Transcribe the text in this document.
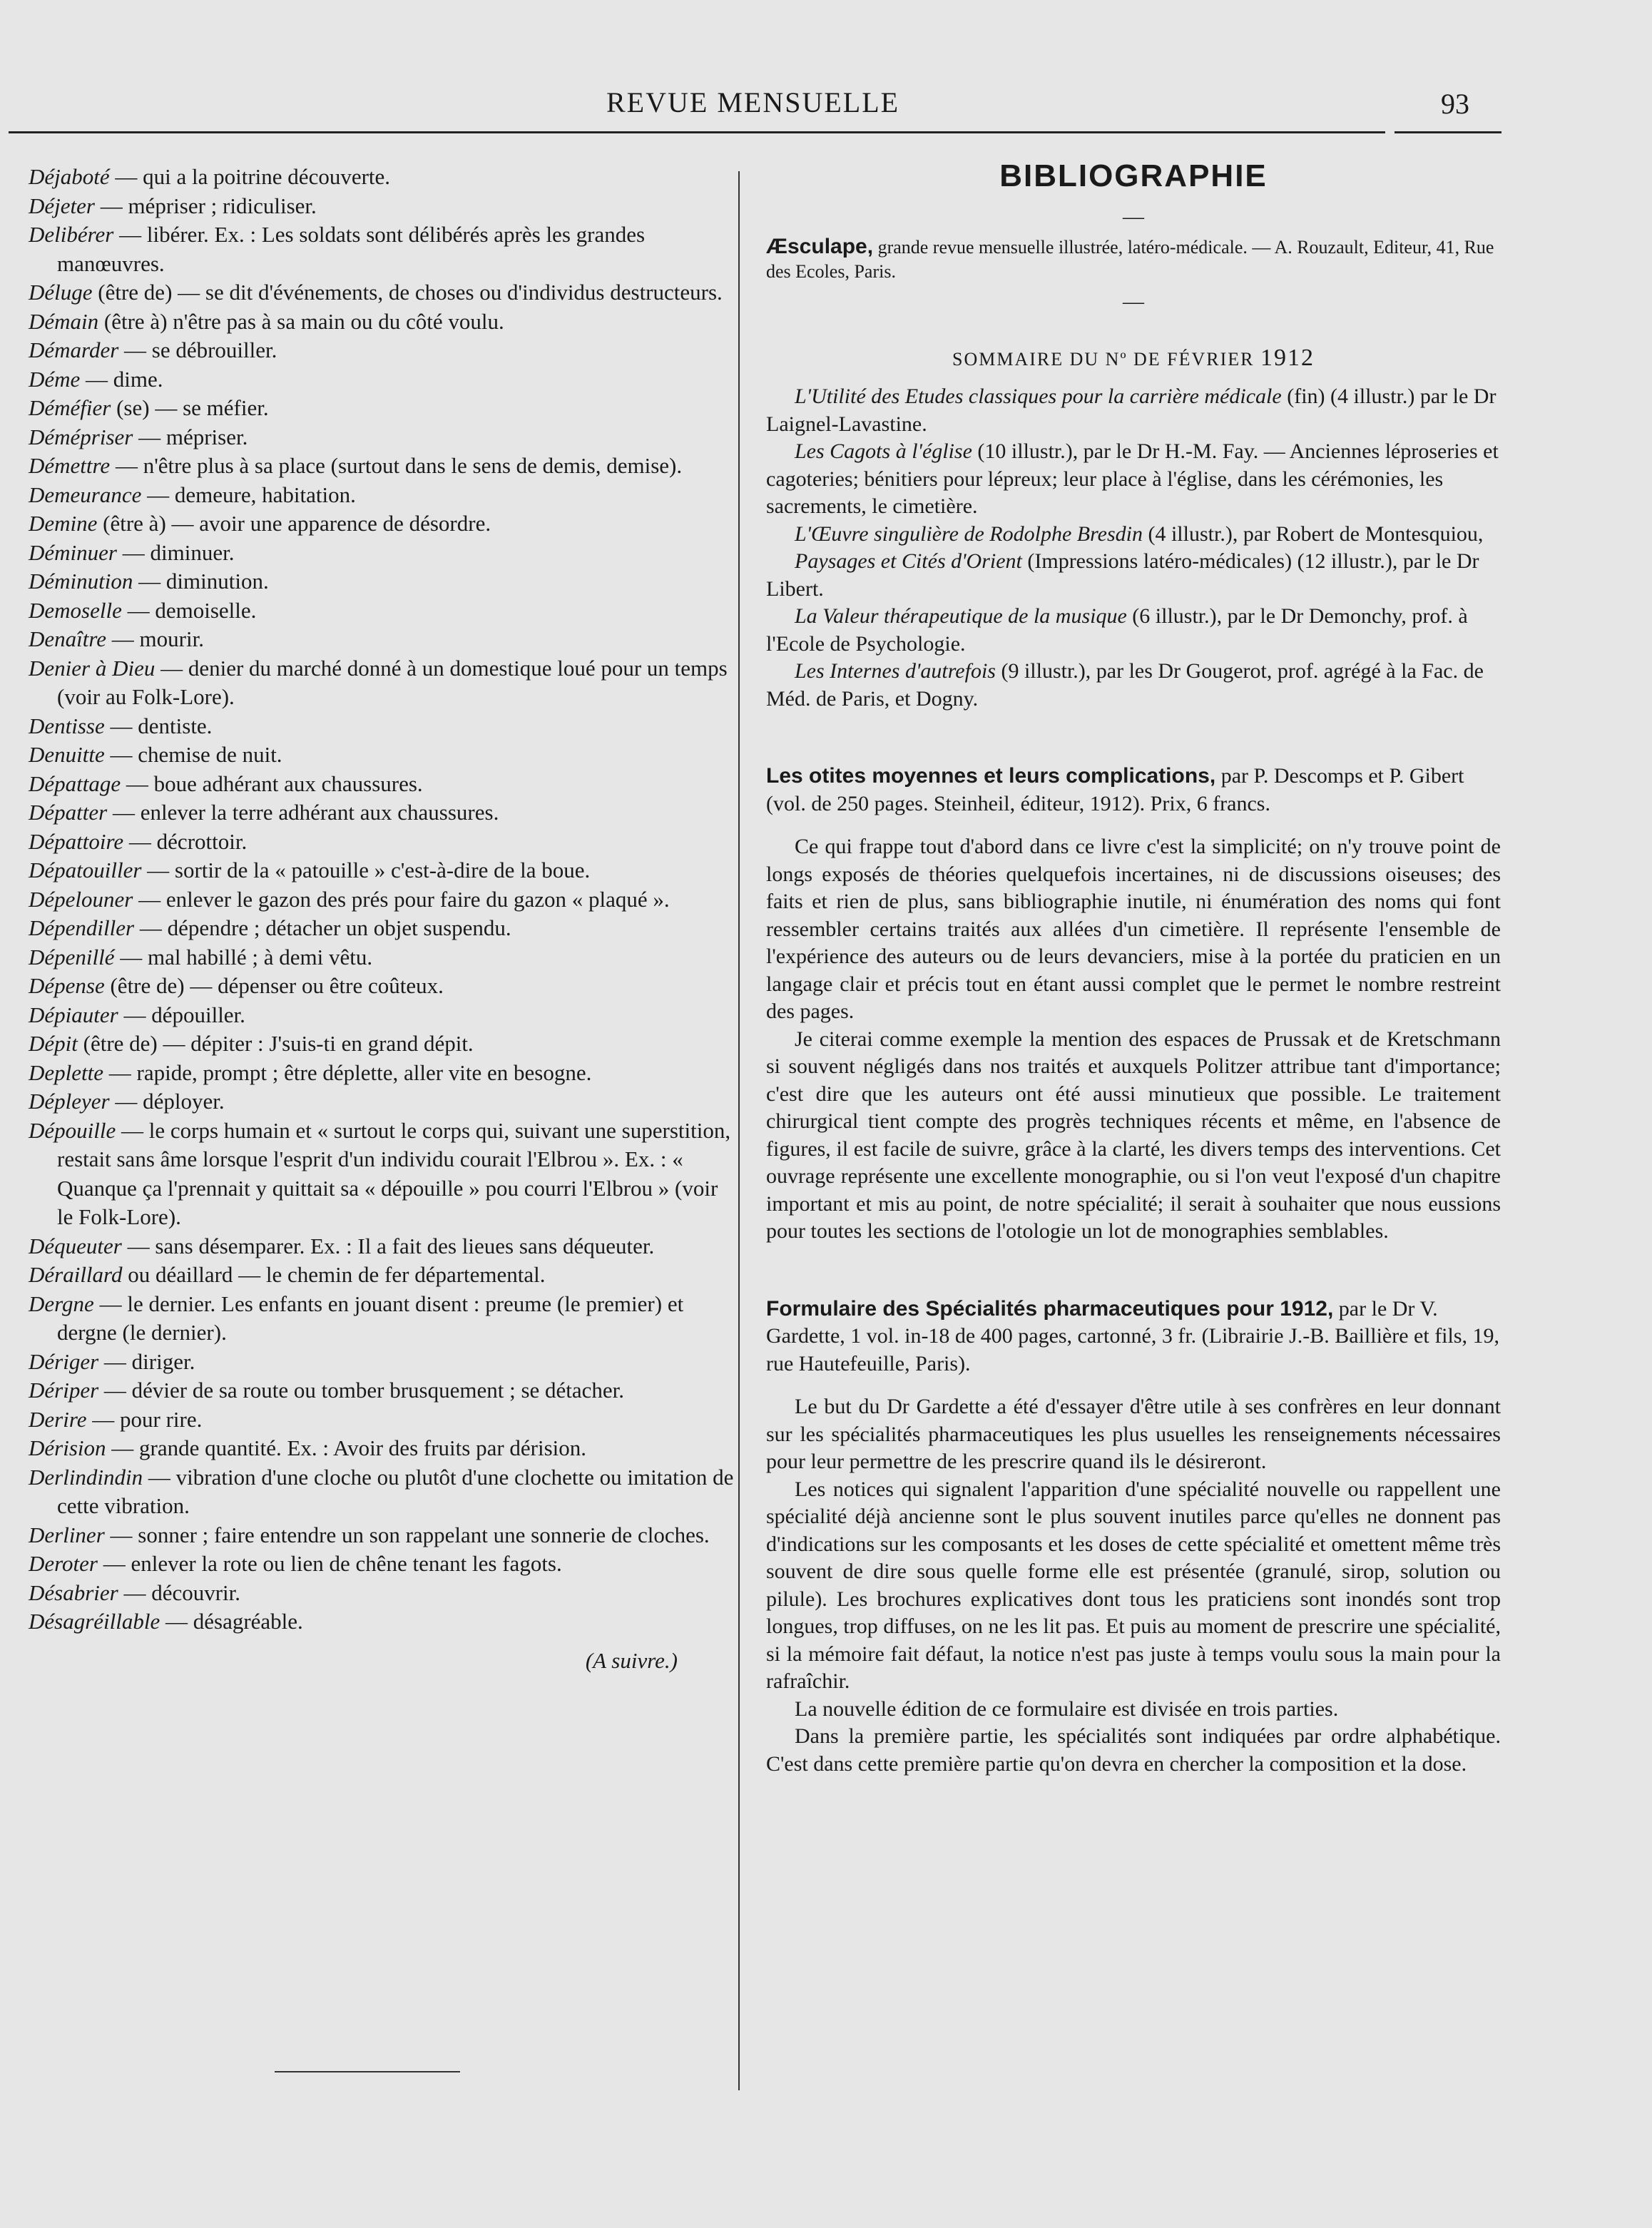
REVUE MENSUELLE	93

Déjaboté — qui a la poitrine découverte.

Déjeter — mépriser ; ridiculiser.

Delibérer — libérer. Ex. : Les soldats sont délibérés après les grandes manœuvres.

Déluge (être de) — se dit d'événements, de choses ou d'individus destructeurs.

Démain (être à) n'être pas à sa main ou du côté voulu.

Démarder — se débrouiller.

Déme — dime.

Déméfier (se) — se méfier.

Démépriser — mépriser.

Démettre — n'être plus à sa place (surtout dans le sens de demis, demise).

Demeurance — demeure, habitation.

Demine (être à) — avoir une apparence de désordre.

Déminuer — diminuer.

Déminution — diminution.

Demoselle — demoiselle.

Denaître — mourir.

Denier à Dieu — denier du marché donné à un domestique loué pour un temps (voir au Folk-Lore).

Dentisse — dentiste.

Denuitte — chemise de nuit.

Dépattage — boue adhérant aux chaussures.

Dépatter — enlever la terre adhérant aux chaussures.

Dépattoire — décrottoir.

Dépatouiller — sortir de la « patouille » c'est-à-dire de la boue.

Dépelouner — enlever le gazon des prés pour faire du gazon « plaqué ».

Dépendiller — dépendre ; détacher un objet suspendu.

Dépenillé — mal habillé ; à demi vêtu.

Dépense (être de) — dépenser ou être coûteux.

Dépiauter — dépouiller.

Dépit (être de) — dépiter : J'suis-ti en grand dépit.

Deplette — rapide, prompt ; être déplette, aller vite en besogne.

Dépleyer — déployer.

Dépouille — le corps humain et « surtout le corps qui, suivant une superstition, restait sans âme lorsque l'esprit d'un individu courait l'Elbrou ». Ex. : « Quanque ça l'prennait y quittait sa « dépouille » pou courri l'Elbrou » (voir le Folk-Lore).

Déqueuter — sans désemparer. Ex. : Il a fait des lieues sans déqueuter.

Déraillard ou déaillard — le chemin de fer départemental.

Dergne — le dernier. Les enfants en jouant disent : preume (le premier) et dergne (le dernier).

Dériger — diriger.

Dériper — dévier de sa route ou tomber brusquement ; se détacher.

Derire — pour rire.

Dérision — grande quantité. Ex. : Avoir des fruits par dérision.

Derlindindin — vibration d'une cloche ou plutôt d'une clochette ou imitation de cette vibration.

Derliner — sonner ; faire entendre un son rappelant une sonnerie de cloches.

Deroter — enlever la rote ou lien de chêne tenant les fagots.

Désabrier — découvrir.

Désagréillable — désagréable.

(A suivre.)
BIBLIOGRAPHIE
—

Æsculape, grande revue mensuelle illustrée, latéro-médicale. — A. Rouzault, Editeur, 41, Rue des Ecoles, Paris.

—
SOMMAIRE DU Nº DE FÉVRIER 1912

L'Utilité des Etudes classiques pour la carrière médicale (fin) (4 illustr.) par le Dr Laignel-Lavastine.

Les Cagots à l'église (10 illustr.), par le Dr H.-M. Fay. — Anciennes léproseries et cagoteries; bénitiers pour lépreux; leur place à l'église, dans les cérémonies, les sacrements, le cimetière.

L'Œuvre singulière de Rodolphe Bresdin (4 illustr.), par Robert de Montesquiou,

Paysages et Cités d'Orient (Impressions latéro-médicales) (12 illustr.), par le Dr Libert.

La Valeur thérapeutique de la musique (6 illustr.), par le Dr Demonchy, prof. à l'Ecole de Psychologie.

Les Internes d'autrefois (9 illustr.), par les Dr Gougerot, prof. agrégé à la Fac. de Méd. de Paris, et Dogny.

Les otites moyennes et leurs complications, par P. Descomps et P. Gibert (vol. de 250 pages. Steinheil, éditeur, 1912). Prix, 6 francs.

Ce qui frappe tout d'abord dans ce livre c'est la simplicité; on n'y trouve point de longs exposés de théories quelquefois incertaines, ni de discussions oiseuses; des faits et rien de plus, sans bibliographie inutile, ni énumération des noms qui font ressembler certains traités aux allées d'un cimetière. Il représente l'ensemble de l'expérience des auteurs ou de leurs devanciers, mise à la portée du praticien en un langage clair et précis tout en étant aussi complet que le permet le nombre restreint des pages.

Je citerai comme exemple la mention des espaces de Prussak et de Kretschmann si souvent négligés dans nos traités et auxquels Politzer attribue tant d'importance; c'est dire que les auteurs ont été aussi minutieux que possible. Le traitement chirurgical tient compte des progrès techniques récents et même, en l'absence de figures, il est facile de suivre, grâce à la clarté, les divers temps des interventions. Cet ouvrage représente une excellente monographie, ou si l'on veut l'exposé d'un chapitre important et mis au point, de notre spécialité; il serait à souhaiter que nous eussions pour toutes les sections de l'otologie un lot de monographies semblables.

Formulaire des Spécialités pharmaceutiques pour 1912, par le Dr V. Gardette, 1 vol. in-18 de 400 pages, cartonné, 3 fr. (Librairie J.-B. Baillière et fils, 19, rue Hautefeuille, Paris).

Le but du Dr Gardette a été d'essayer d'être utile à ses confrères en leur donnant sur les spécialités pharmaceutiques les plus usuelles les renseignements nécessaires pour leur permettre de les prescrire quand ils le désireront.

Les notices qui signalent l'apparition d'une spécialité nouvelle ou rappellent une spécialité déjà ancienne sont le plus souvent inutiles parce qu'elles ne donnent pas d'indications sur les composants et les doses de cette spécialité et omettent même très souvent de dire sous quelle forme elle est présentée (granulé, sirop, solution ou pilule). Les brochures explicatives dont tous les praticiens sont inondés sont trop longues, trop diffuses, on ne les lit pas. Et puis au moment de prescrire une spécialité, si la mémoire fait défaut, la notice n'est pas juste à temps voulu sous la main pour la rafraîchir.

La nouvelle édition de ce formulaire est divisée en trois parties.

Dans la première partie, les spécialités sont indiquées par ordre alphabétique. C'est dans cette première partie qu'on devra en chercher la composition et la dose.
